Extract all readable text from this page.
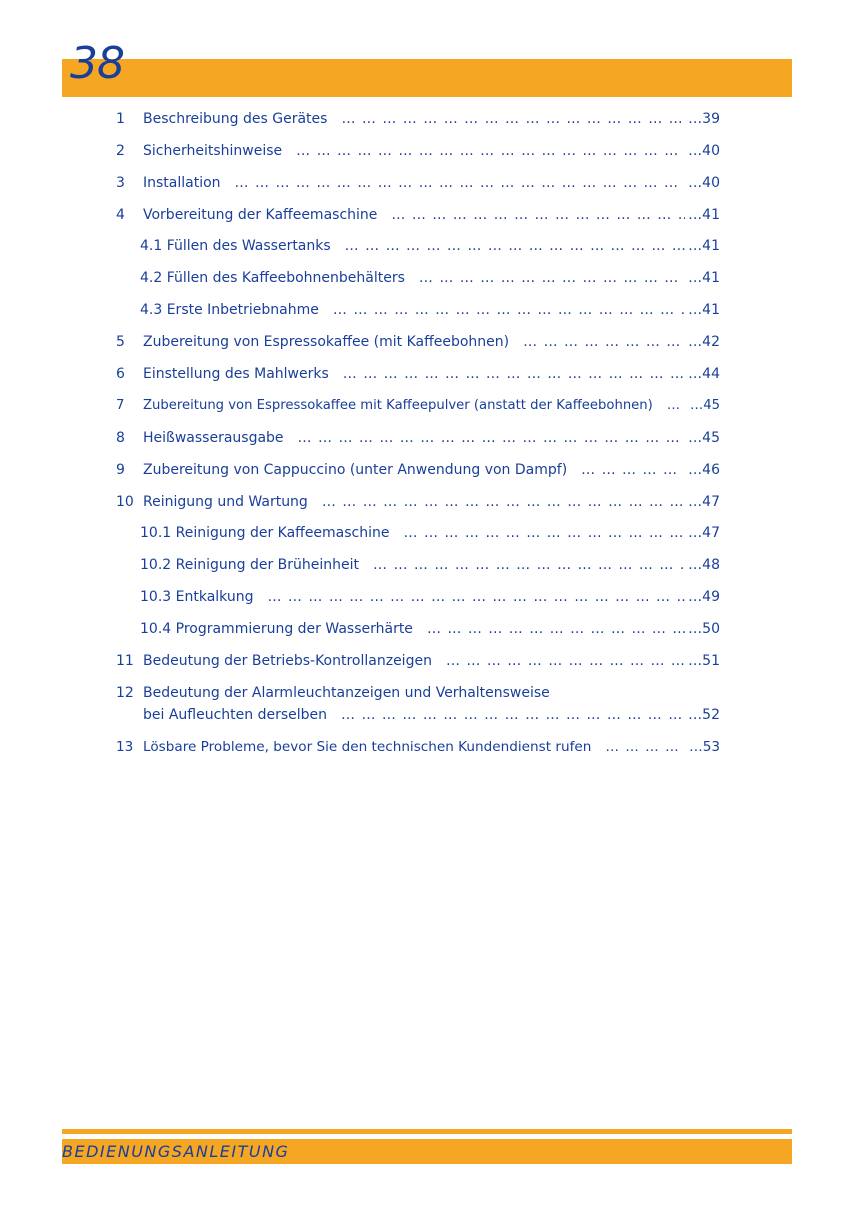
38
1	Beschreibung des Gerätes … … … … … … … … … … … … … … … … … … … … … … … … … … … … … … … … … … … … … … … … … … … … …	…39
2	Sicherheitshinweise … … … … … … … … … … … … … … … … … … … … … … … … … … … … … … … … … … … … … … … … … … … … …	…40
3	Installation … … … … … … … … … … … … … … … … … … … … … … … … … … … … … … … … … … … … … … … … … … … … …	…40
4	Vorbereitung der Kaffeemaschine … … … … … … … … … … … … … … … … … … … … … … … … … … … … … … … … … … … … … … … … … … … … …	…41
4.1 Füllen des Wassertanks … … … … … … … … … … … … … … … … … … … … … … … … … … … … … … … … … … … … … … … … … … … … …	…41
4.2 Füllen des Kaffeebohnenbehälters … … … … … … … … … … … … … … … … … … … … … … … … … … … … … … … … … … … … … … … … … … … … …	…41
4.3 Erste Inbetriebnahme … … … … … … … … … … … … … … … … … … … … … … … … … … … … … … … … … … … … … … … … … … … … …	…41
5	Zubereitung von Espressokaffee (mit Kaffeebohnen) … … … … … … … … … … … … … … … … … … … … … … … … … … … … … … … … … … … … … … … … … … … … …	…42
6	Einstellung des Mahlwerks … … … … … … … … … … … … … … … … … … … … … … … … … … … … … … … … … … … … … … … … … … … … …	…44
7	Zubereitung von Espressokaffee mit Kaffeepulver (anstatt der Kaffeebohnen) … … … … … … … … … … … … … … … … … … … … … … … … … … … … … … … … … … … … … … … … … … … … …	…45
8	Heißwasserausgabe … … … … … … … … … … … … … … … … … … … … … … … … … … … … … … … … … … … … … … … … … … … … …	…45
9	Zubereitung von Cappuccino (unter Anwendung von Dampf) … … … … … … … … … … … … … … … … … … … … … … … … … … … … … … … … … … … … … … … … … … … … …	…46
10 Reinigung und Wartung … … … … … … … … … … … … … … … … … … … … … … … … … … … … … … … … … … … … … … … … … … … … …	…47
10.1 Reinigung der Kaffeemaschine … … … … … … … … … … … … … … … … … … … … … … … … … … … … … … … … … … … … … … … … … … … … …	…47
10.2 Reinigung der Brüheinheit … … … … … … … … … … … … … … … … … … … … … … … … … … … … … … … … … … … … … … … … … … … … …	…48
10.3 Entkalkung … … … … … … … … … … … … … … … … … … … … … … … … … … … … … … … … … … … … … … … … … … … … …	…49
10.4 Programmierung der Wasserhärte … … … … … … … … … … … … … … … … … … … … … … … … … … … … … … … … … … … … … … … … … … … … …	…50
11 Bedeutung der Betriebs-Kontrollanzeigen … … … … … … … … … … … … … … … … … … … … … … … … … … … … … … … … … … … … … … … … … … … … …	…51
12 Bedeutung der Alarmleuchtanzeigen und Verhaltensweise
bei Aufleuchten derselben … … … … … … … … … … … … … … … … … … … … … … … … … … … … … … … … … … … … … … … … … … … … …	…52
13 Lösbare Probleme, bevor Sie den technischen Kundendienst rufen … … … … … … … … … … … … … … … … … … … … … … … … … … … … … … … … … … … … … … … … … … … … …	…53
BEDIENUNGSANLEITUNG
